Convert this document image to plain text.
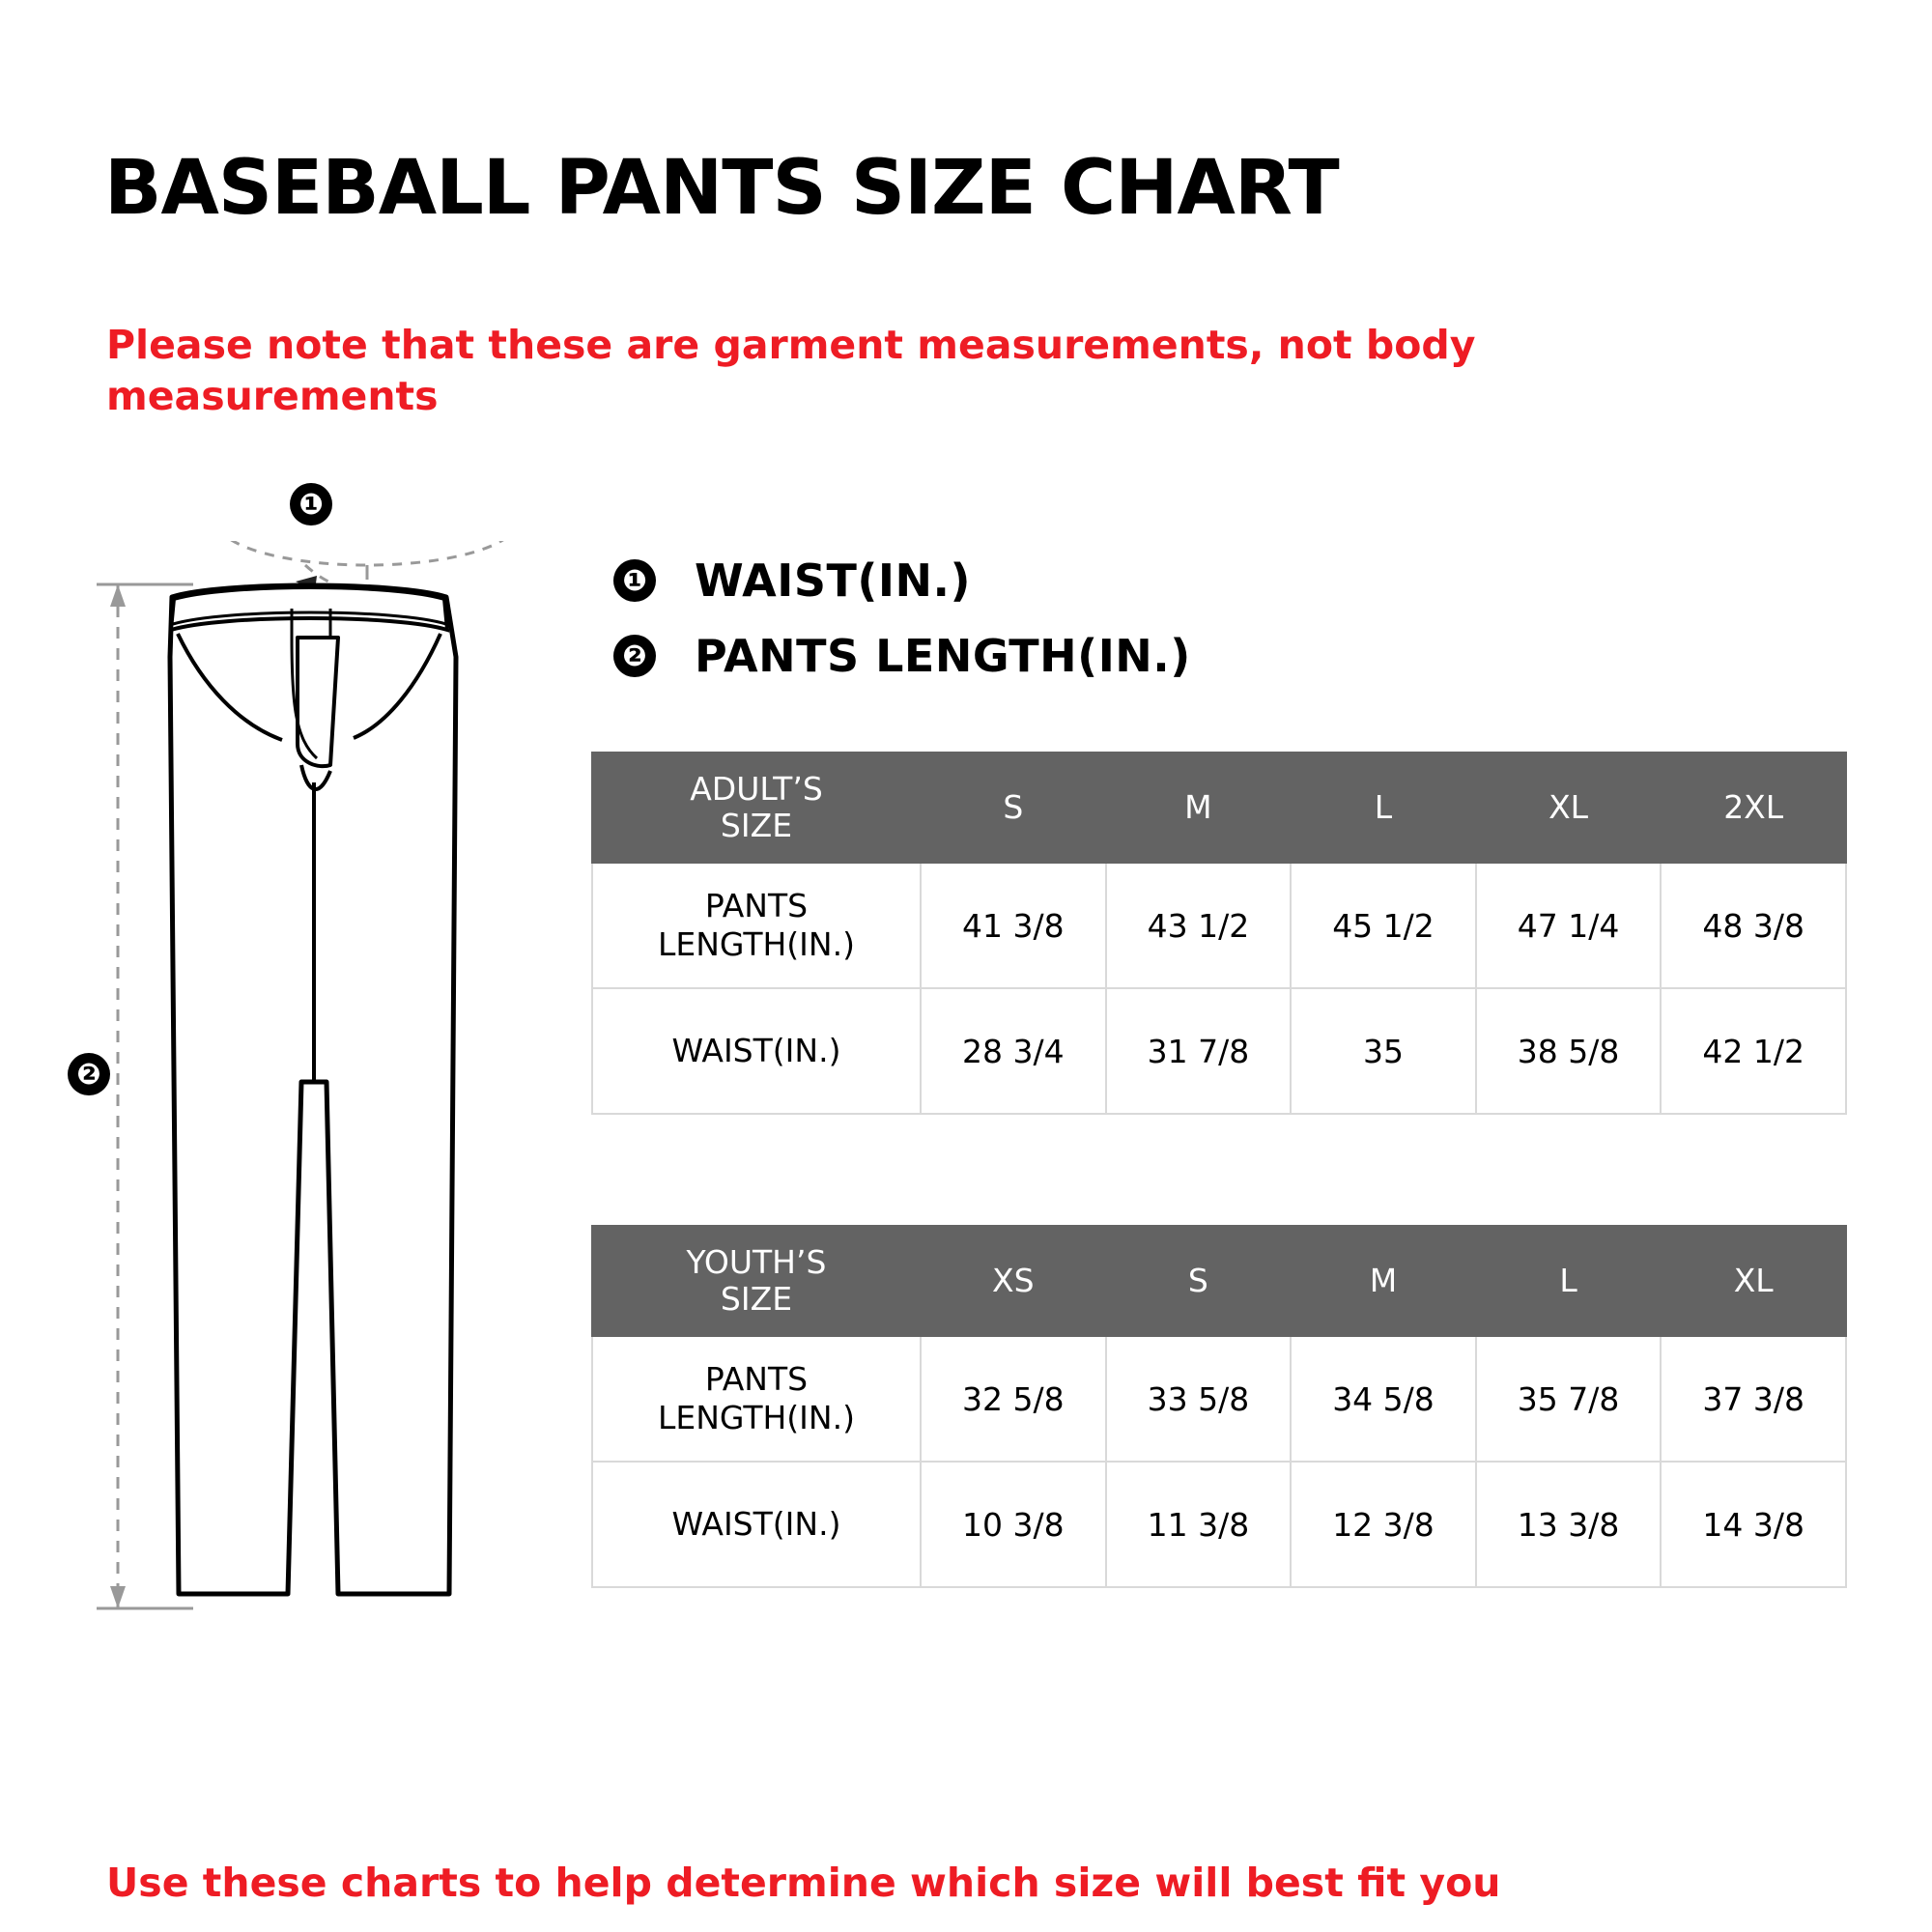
BASEBALL PANTS SIZE CHART

Please note that these are garment measurements, not body measurements

❶ WAIST(IN.)
❷ PANTS LENGTH(IN.)
❶
❷
ADULT’S
SIZE	S	M	L	XL	2XL
PANTS
LENGTH(IN.)	41 3/8	43 1/2	45 1/2	47 1/4	48 3/8
WAIST(IN.)	28 3/4	31 7/8	35	38 5/8	42 1/2
YOUTH’S
SIZE	XS	S	M	L	XL
PANTS
LENGTH(IN.)	32 5/8	33 5/8	34 5/8	35 7/8	37 3/8
WAIST(IN.)	10 3/8	11 3/8	12 3/8	13 3/8	14 3/8

Use these charts to help determine which size will best fit you
